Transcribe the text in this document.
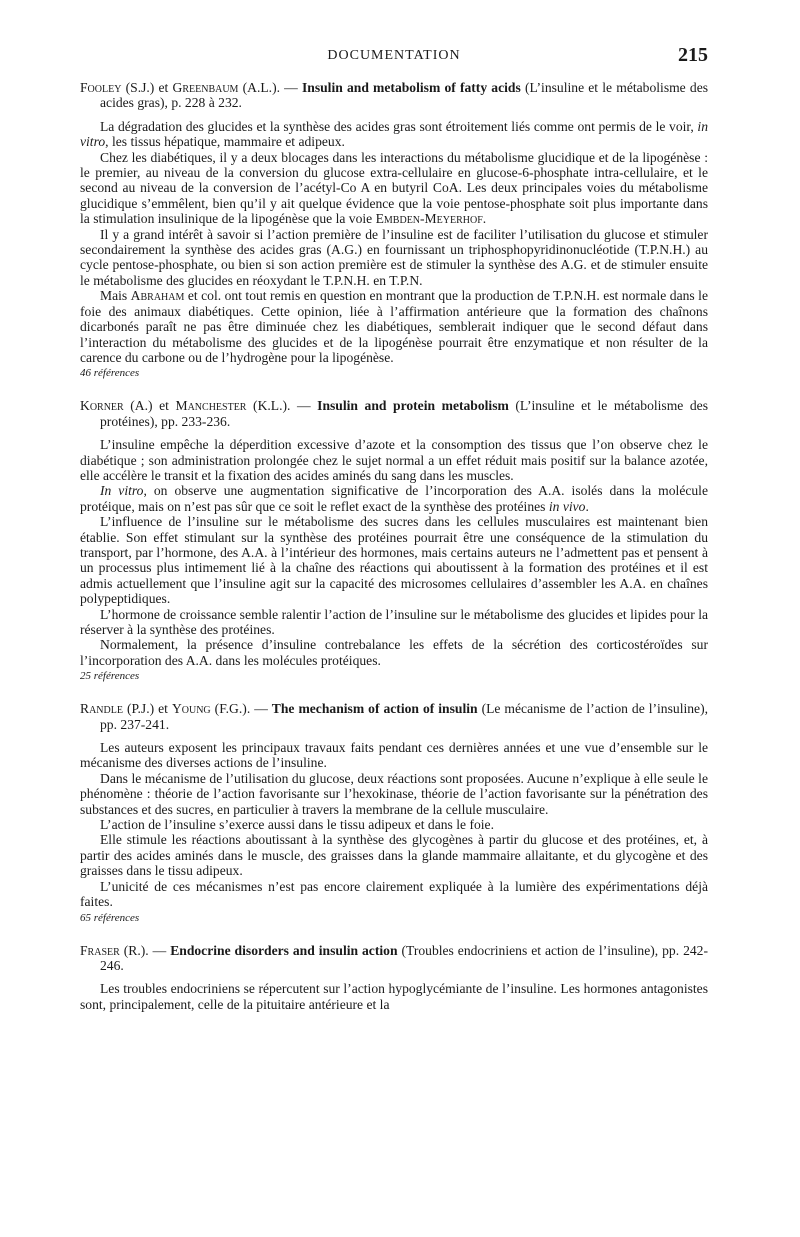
DOCUMENTATION	215

Fooley (S.J.) et Greenbaum (A.L.). — Insulin and metabolism of fatty acids (L’insuline et le métabolisme des acides gras), p. 228 à 232.

La dégradation des glucides et la synthèse des acides gras sont étroitement liés comme ont permis de le voir, in vitro, les tissus hépatique, mammaire et adipeux.

Chez les diabétiques, il y a deux blocages dans les interactions du métabolisme glucidique et de la lipogénèse : le premier, au niveau de la conversion du glucose extra-cellulaire en glucose-6-phosphate intra-cellulaire, et le second au niveau de la conversion de l’acétyl-Co A en butyril CoA. Les deux principales voies du métabolisme glucidique s’emmêlent, bien qu’il y ait quelque évidence que la voie pentose-phosphate soit plus importante dans la stimulation insulinique de la lipogénèse que la voie Embden-Meyerhof.

Il y a grand intérêt à savoir si l’action première de l’insuline est de faciliter l’utilisation du glucose et stimuler secondairement la synthèse des acides gras (A.G.) en fournissant un triphosphopyridinonucléotide (T.P.N.H.) au cycle pentose-phosphate, ou bien si son action première est de stimuler la synthèse des A.G. et de stimuler ensuite le métabolisme des glucides en réoxydant le T.P.N.H. en T.P.N.

Mais Abraham et col. ont tout remis en question en montrant que la production de T.P.N.H. est normale dans le foie des animaux diabétiques. Cette opinion, liée à l’affirmation antérieure que la formation des chaînons dicarbonés paraît ne pas être diminuée chez les diabétiques, semblerait indiquer que le second défaut dans l’interaction du métabolisme des glucides et de la lipogénèse pourrait être enzymatique et non résulter de la carence du carbone ou de l’hydrogène pour la lipogénèse.

46 références

Korner (A.) et Manchester (K.L.). — Insulin and protein metabolism (L’insuline et le métabolisme des protéines), pp. 233-236.

L’insuline empêche la déperdition excessive d’azote et la consomption des tissus que l’on observe chez le diabétique ; son administration prolongée chez le sujet normal a un effet réduit mais positif sur la balance azotée, elle accélère le transit et la fixation des acides aminés du sang dans les muscles.

In vitro, on observe une augmentation significative de l’incorporation des A.A. isolés dans la molécule protéique, mais on n’est pas sûr que ce soit le reflet exact de la synthèse des protéines in vivo.

L’influence de l’insuline sur le métabolisme des sucres dans les cellules musculaires est maintenant bien établie. Son effet stimulant sur la synthèse des protéines pourrait être une conséquence de la stimulation du transport, par l’hormone, des A.A. à l’intérieur des hormones, mais certains auteurs ne l’admettent pas et pensent à un processus plus intimement lié à la chaîne des réactions qui aboutissent à la formation des protéines et il est admis actuellement que l’insuline agit sur la capacité des microsomes cellulaires d’assembler les A.A. en chaînes polypeptidiques.

L’hormone de croissance semble ralentir l’action de l’insuline sur le métabolisme des glucides et lipides pour la réserver à la synthèse des protéines.

Normalement, la présence d’insuline contrebalance les effets de la sécrétion des corticostéroïdes sur l’incorporation des A.A. dans les molécules protéiques.

25 références

Randle (P.J.) et Young (F.G.). — The mechanism of action of insulin (Le mécanisme de l’action de l’insuline), pp. 237-241.

Les auteurs exposent les principaux travaux faits pendant ces dernières années et une vue d’ensemble sur le mécanisme des diverses actions de l’insuline.

Dans le mécanisme de l’utilisation du glucose, deux réactions sont proposées. Aucune n’explique à elle seule le phénomène : théorie de l’action favorisante sur l’hexokinase, théorie de l’action favorisante sur la pénétration des substances et des sucres, en particulier à travers la membrane de la cellule musculaire.

L’action de l’insuline s’exerce aussi dans le tissu adipeux et dans le foie.

Elle stimule les réactions aboutissant à la synthèse des glycogènes à partir du glucose et des protéines, et, à partir des acides aminés dans le muscle, des graisses dans la glande mammaire allaitante, et du glycogène et des graisses dans le tissu adipeux.

L’unicité de ces mécanismes n’est pas encore clairement expliquée à la lumière des expérimentations déjà faites.

65 références

Fraser (R.). — Endocrine disorders and insulin action (Troubles endocriniens et action de l’insuline), pp. 242-246.

Les troubles endocriniens se répercutent sur l’action hypoglycémiante de l’insuline. Les hormones antagonistes sont, principalement, celle de la pituitaire antérieure et la
